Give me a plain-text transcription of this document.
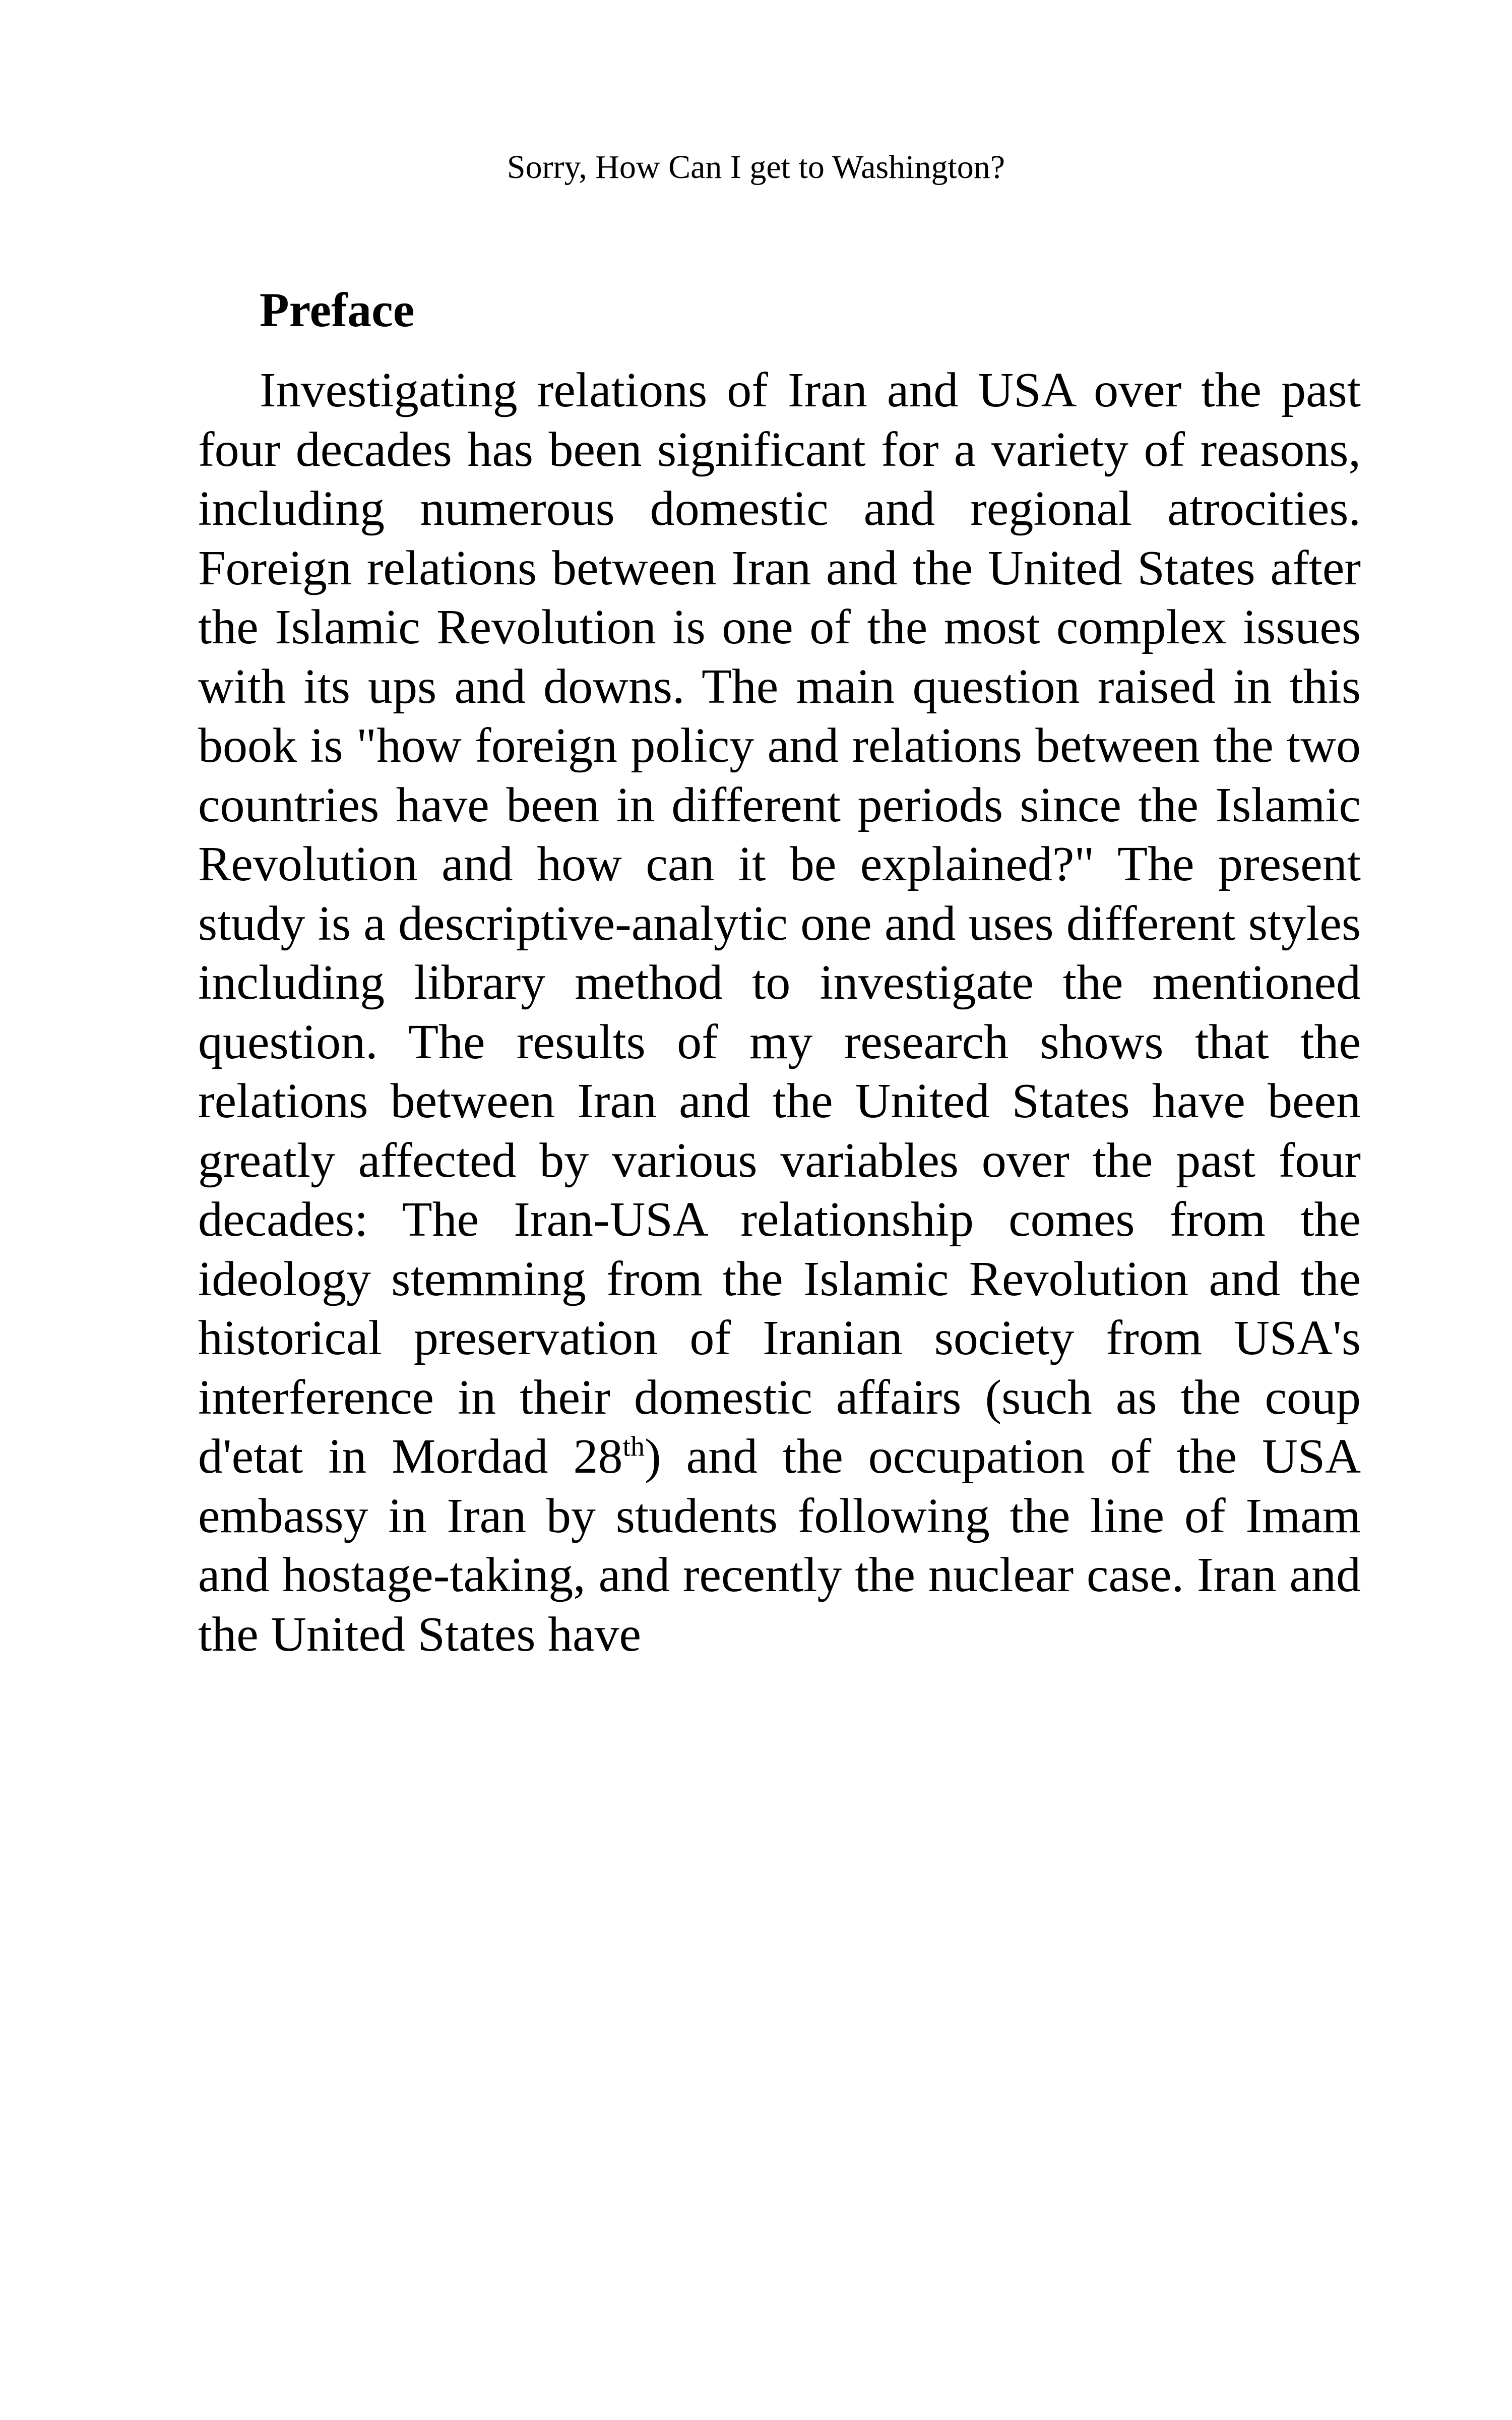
Sorry, How Can I get to Washington?
Preface

Investigating relations of Iran and USA over the past four decades has been significant for a variety of reasons, including numerous domestic and regional atrocities. Foreign relations between Iran and the United States after the Islamic Revolution is one of the most complex issues with its ups and downs. The main question raised in this book is "how foreign policy and relations between the two countries have been in different periods since the Islamic Revolution and how can it be explained?" The present study is a descriptive-analytic one and uses different styles including library method to investigate the mentioned question. The results of my research shows that the relations between Iran and the United States have been greatly affected by various variables over the past four decades: The Iran-USA relationship comes from the ideology stemming from the Islamic Revolution and the historical preservation of Iranian society from USA's interference in their domestic affairs (such as the coup d'etat in Mordad 28th) and the occupation of the USA embassy in Iran by students following the line of Imam and hostage-taking, and recently the nuclear case. Iran and the United States have
